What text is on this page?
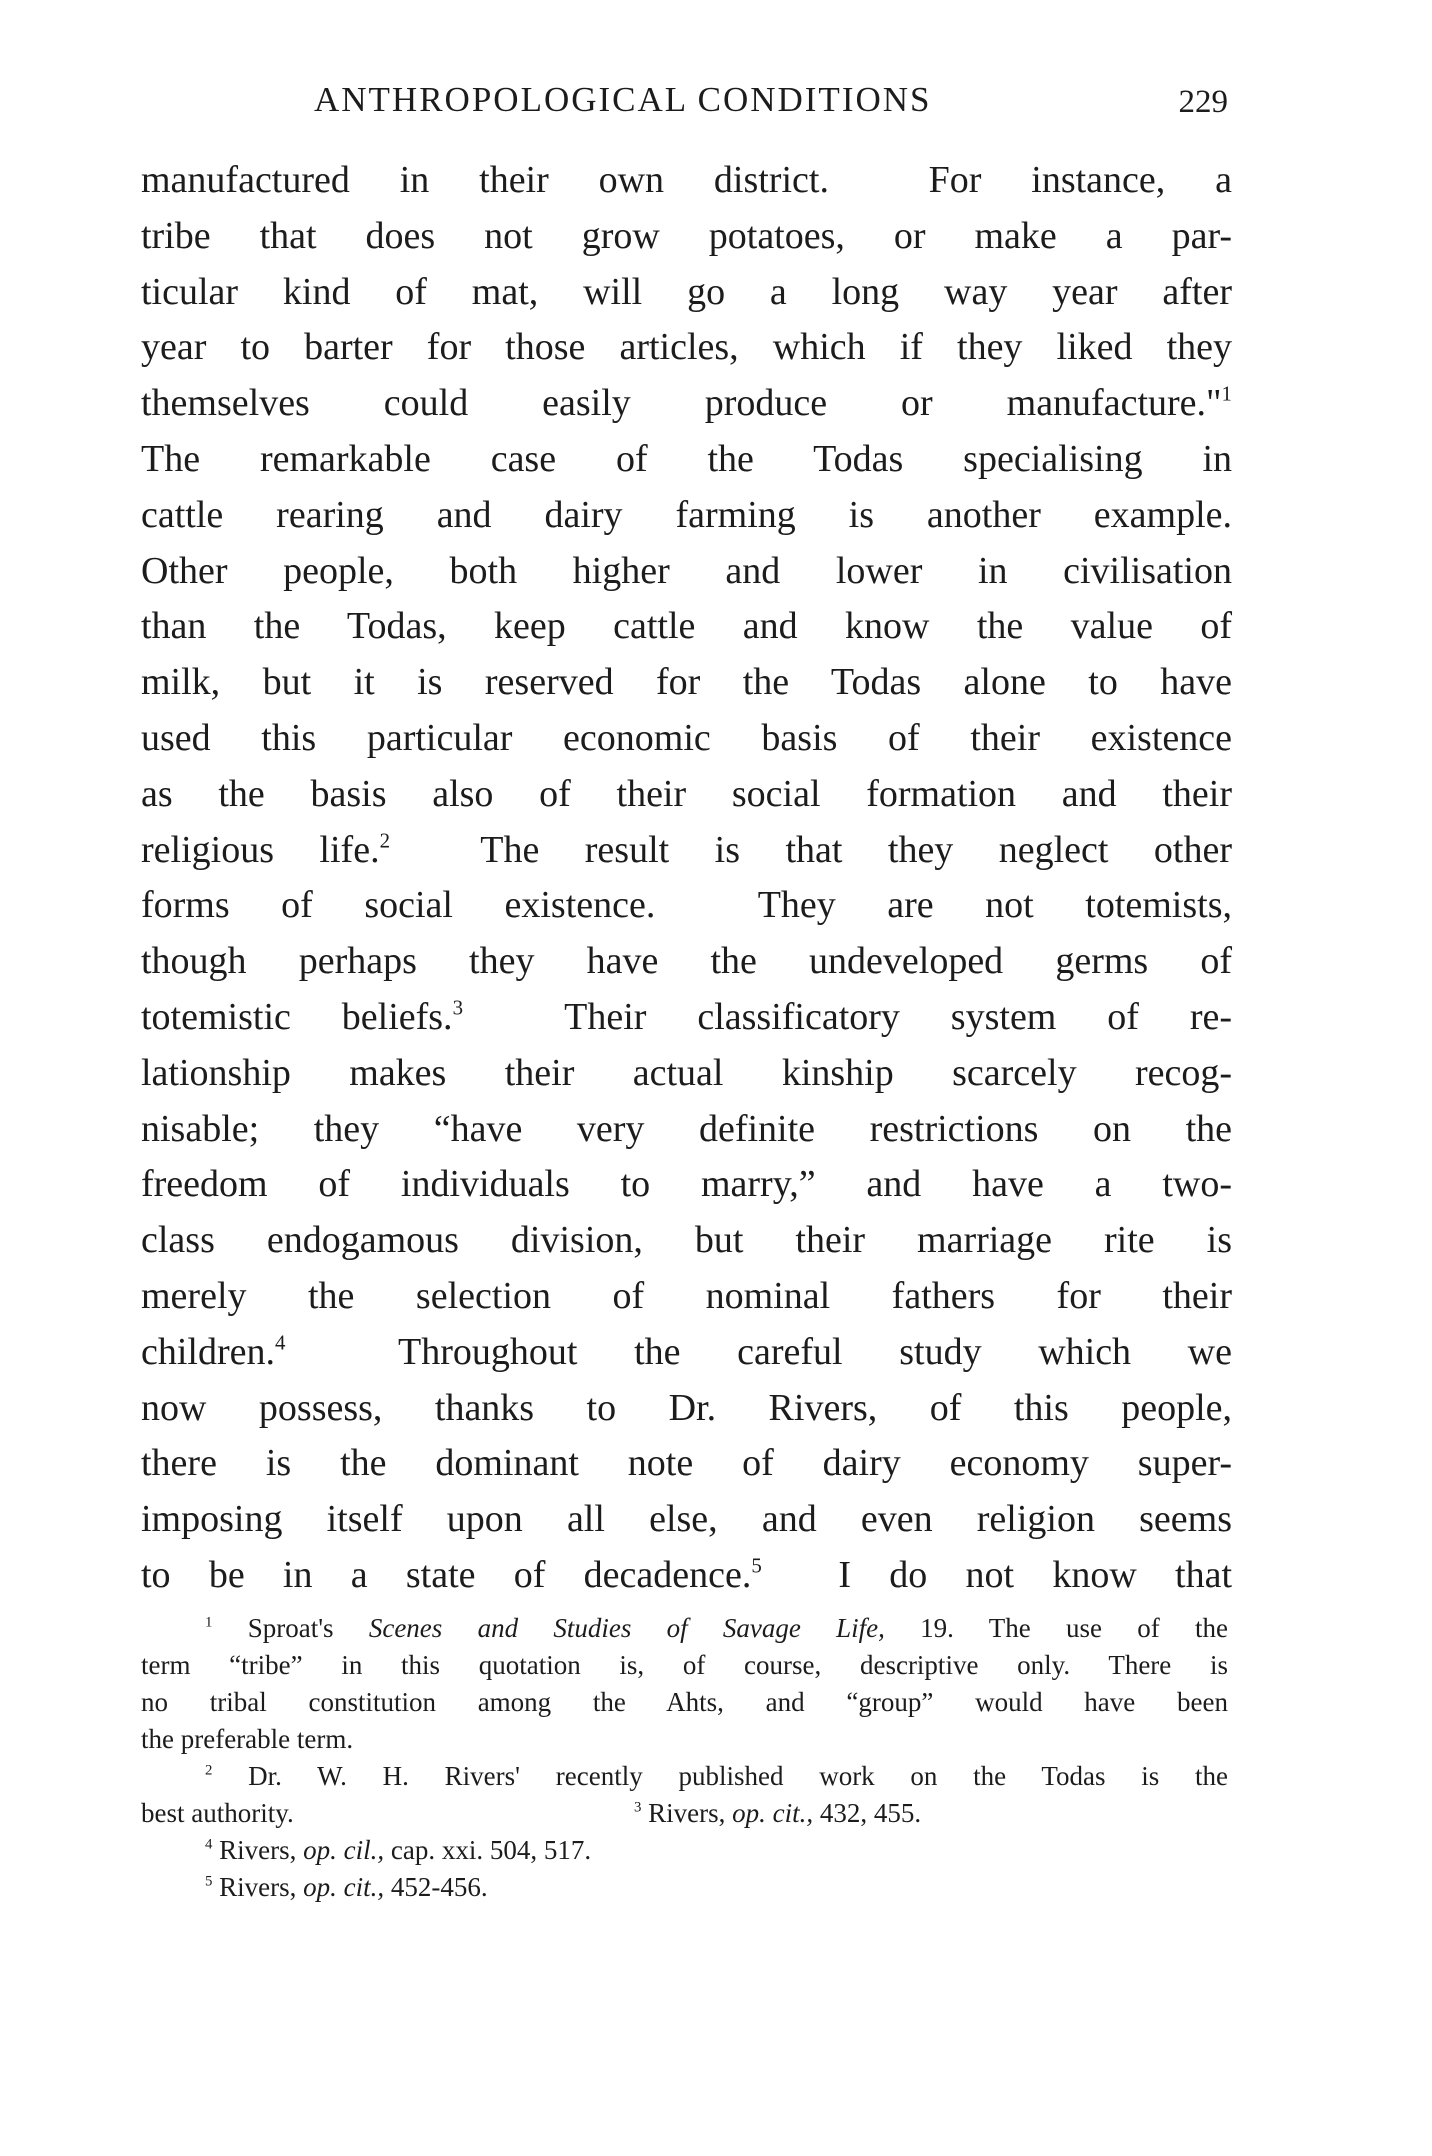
ANTHROPOLOGICAL CONDITIONS	229
manufactured in their own district.  For instance, a
tribe that does not grow potatoes, or make a par-
ticular kind of mat, will go a long way year after
year to barter for those articles, which if they liked they
themselves could easily produce or manufacture."$^1$
The remarkable case of the Todas specialising in
cattle rearing and dairy farming is another example.
Other people, both higher and lower in civilisation
than the Todas, keep cattle and know the value of
milk, but it is reserved for the Todas alone to have
used this particular economic basis of their existence
as the basis also of their social formation and their
religious life.$^2$  The result is that they neglect other
forms of social existence.  They are not totemists,
though perhaps they have the undeveloped germs of
totemistic beliefs.$^3$  Their classificatory system of re-
lationship makes their actual kinship scarcely recog-
nisable; they “have very definite restrictions on the
freedom of individuals to marry,” and have a two-
class endogamous division, but their marriage rite is
merely the selection of nominal fathers for their
children.$^4$  Throughout the careful study which we
now possess, thanks to Dr. Rivers, of this people,
there is the dominant note of dairy economy super-
imposing itself upon all else, and even religion seems
to be in a state of decadence.$^5$  I do not know that
$^1$ Sproat's Scenes and Studies of Savage Life, 19. The use of the
term “tribe” in this quotation is, of course, descriptive only. There is
no tribal constitution among the Ahts, and “group” would have been
the preferable term.
$^2$ Dr. W. H. Rivers' recently published work on the Todas is the
best authority.	$^3$ Rivers, op. cit., 432, 455.
$^4$ Rivers, op. cil., cap. xxi. 504, 517.
$^5$ Rivers, op. cit., 452-456.
